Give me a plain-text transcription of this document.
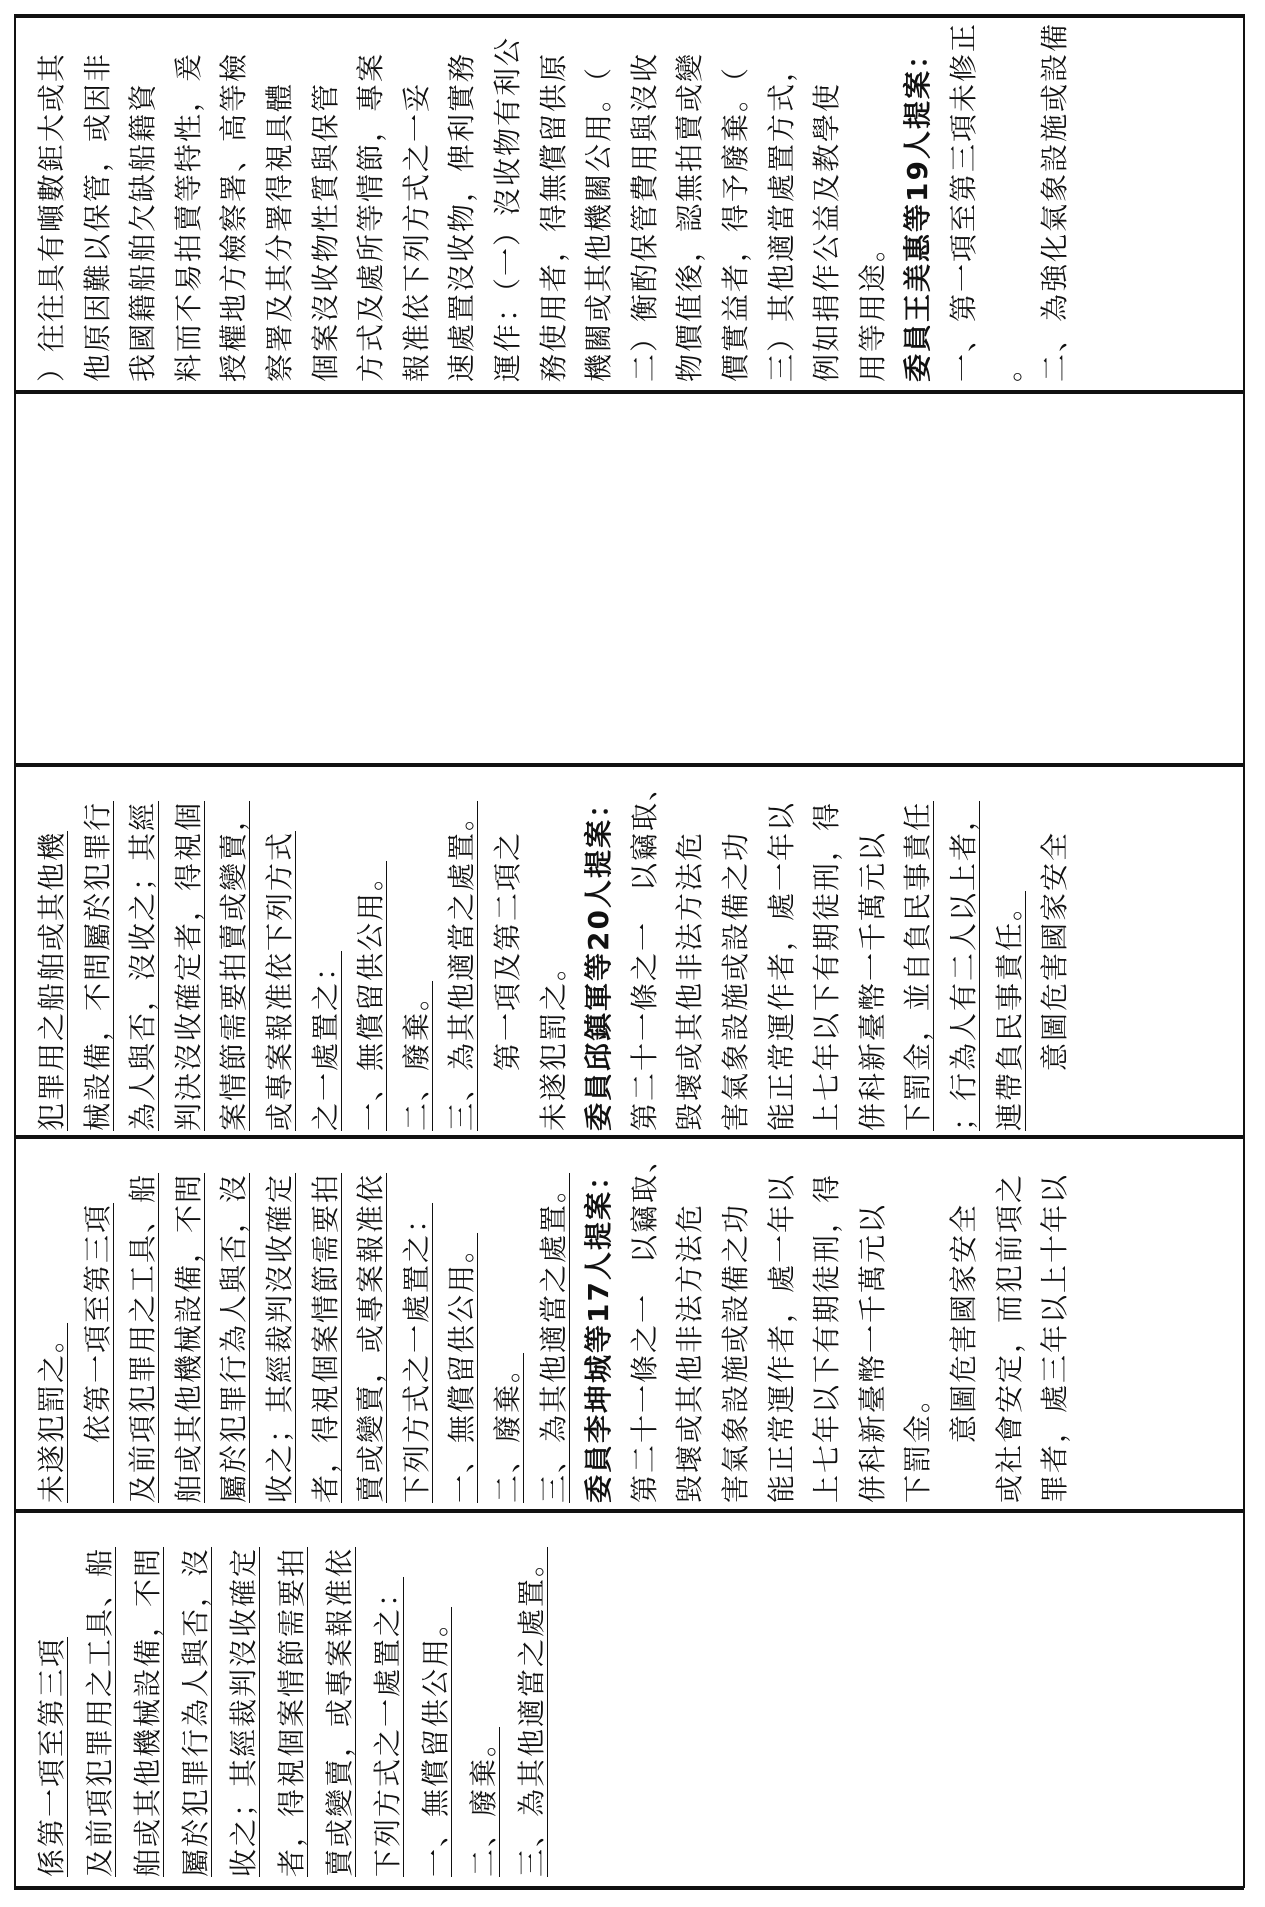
係第一項至第三項 及前項犯罪用之工具、船 舶或其他機械設備，不問 屬於犯罪行為人與否，沒 收之；其經裁判沒收確定 者，得視個案情節需要拍 賣或變賣，或專案報准依 下列方式之一處置之： 一、無償留供公用。 二、廢棄。 三、為其他適當之處置。
未遂犯罰之。 　　依第一項至第三項 及前項犯罪用之工具、船 舶或其他機械設備，不問 屬於犯罪行為人與否，沒 收之；其經裁判沒收確定 者，得視個案情節需要拍 賣或變賣，或專案報准依 下列方式之一處置之： 一、無償留供公用。 二、廢棄。 三、為其他適當之處置。 委員李坤城等17人提案： 第二十一條之一　以竊取、 毀壞或其他非法方法危 害氣象設施或設備之功 能正常運作者，處一年以 上七年以下有期徒刑，得 併科新臺幣一千萬元以 下罰金。 　　意圖危害國家安全 或社會安定，而犯前項之 罪者，處三年以上十年以
犯罪用之船舶或其他機 械設備，不問屬於犯罪行 為人與否，沒收之；其經 判決沒收確定者，得視個 案情節需要拍賣或變賣， 或專案報准依下列方式 之一處置之： 一、無償留供公用。 二、廢棄。 三、為其他適當之處置。 　　第一項及第二項之 未遂犯罰之。 委員邱鎮軍等20人提案： 第二十一條之一　以竊取、 毀壞或其他非法方法危 害氣象設施或設備之功 能正常運作者，處一年以 上七年以下有期徒刑，得 併科新臺幣一千萬元以 下罰金，並自負民事責任 ；行為人有二人以上者， 連帶負民事責任。 　　意圖危害國家安全
）往往具有噸數鉅大或其 他原因難以保管，或因非 我國籍船舶欠缺船籍資 料而不易拍賣等特性，爰 授權地方檢察署、高等檢 察署及其分署得視具體 個案沒收物性質與保管 方式及處所等情節，專案 報准依下列方式之一妥 速處置沒收物，俾利實務 運作：（一）沒收物有利公 務使用者，得無償留供原 機關或其他機關公用。（ 二）衡酌保管費用與沒收 物價值後，認無拍賣或變 價實益者，得予廢棄。（ 三）其他適當處置方式， 例如捐作公益及教學使 用等用途。 委員王美惠等19人提案： 一、第一項至第三項未修正 。 二、為強化氣象設施或設備
